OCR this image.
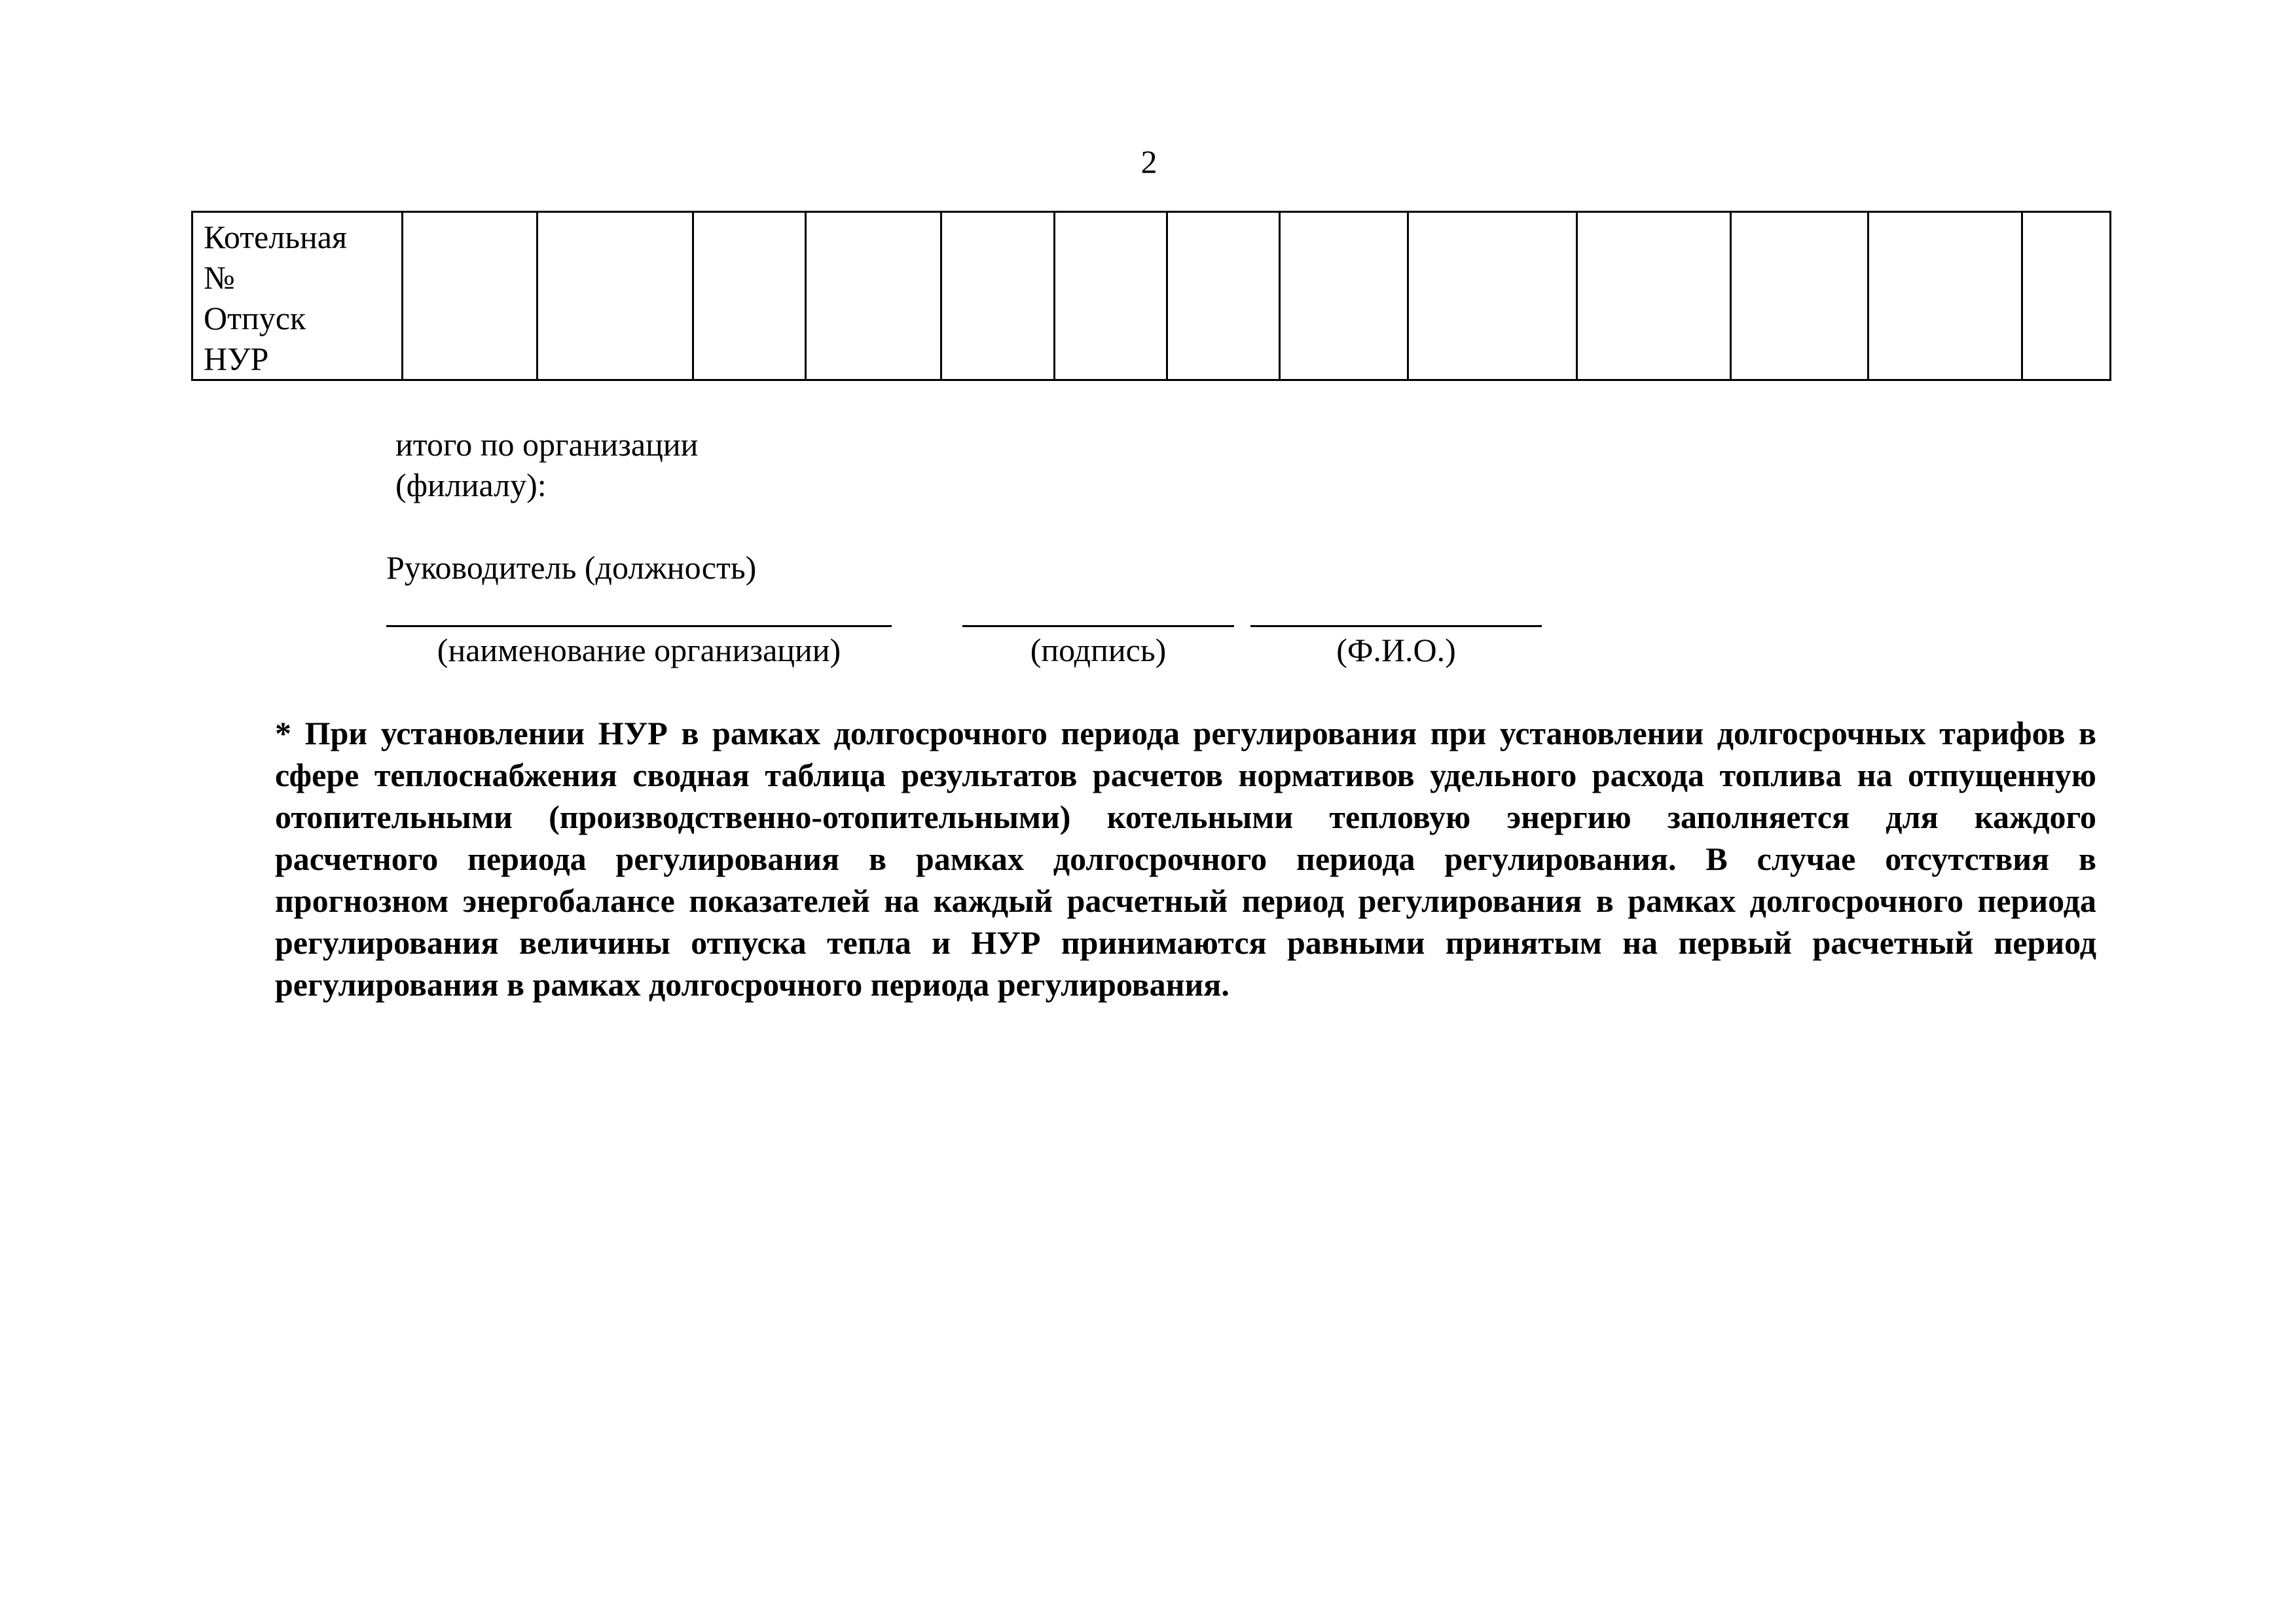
2
Котельная
№
Отпуск
НУР

итого по организации
(филиалу):
Руководитель (должность)
(наименование организации)	(подпись)	(Ф.И.О.)
* При установлении НУР в рамках долгосрочного периода регулирования при установлении долгосрочных тарифов в
сфере теплоснабжения сводная таблица результатов расчетов нормативов удельного расхода топлива на отпущенную
отопительными (производственно-отопительными) котельными тепловую энергию заполняется для каждого
расчетного периода регулирования в рамках долгосрочного периода регулирования. В случае отсутствия в
прогнозном энергобалансе показателей на каждый расчетный период регулирования в рамках долгосрочного периода
регулирования величины отпуска тепла и НУР принимаются равными принятым на первый расчетный период
регулирования в рамках долгосрочного периода регулирования.
